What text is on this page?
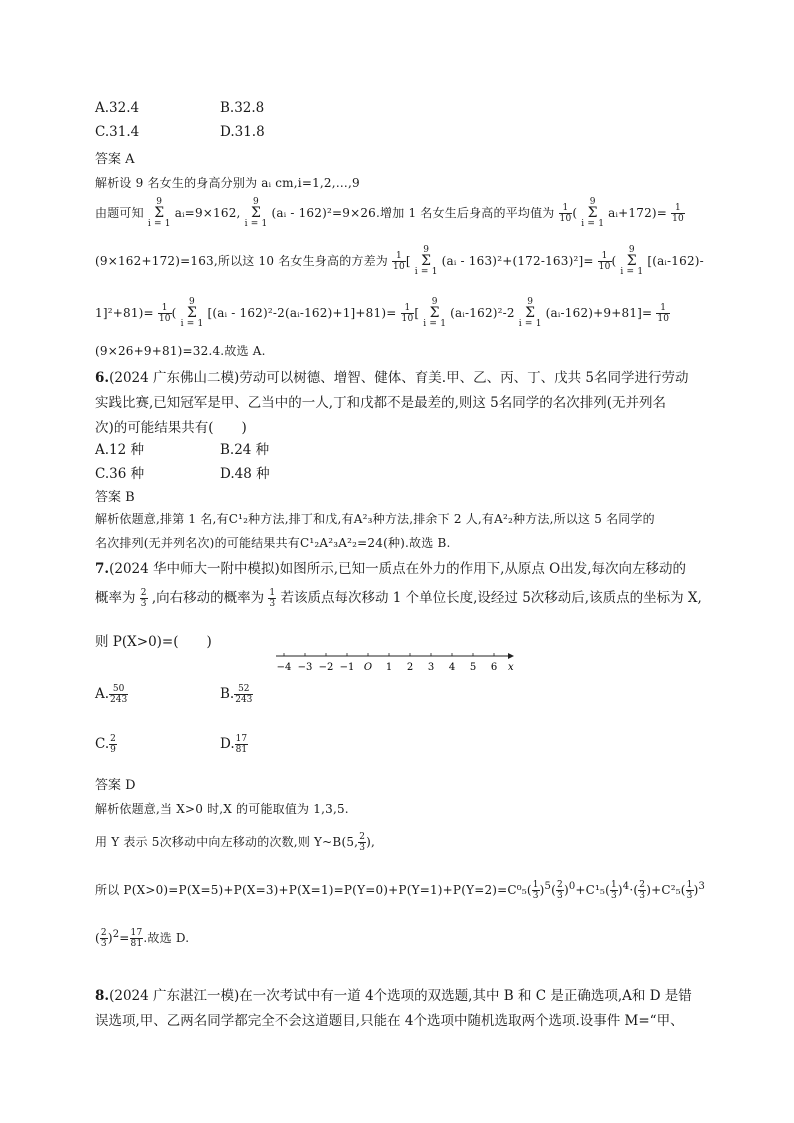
A.32.4	B.32.8
C.31.4	D.31.8
答案 A
解析设 9 名女生的身高分别为 aᵢ cm,i=1,2,…,9
由题可知 9
Σ
i = 1 aᵢ=9×162, 9
Σ
i = 1 (aᵢ - 162)²=9×26.增加 1 名女生后身高的平均值为 $\frac{1}{10}$ ( 9
Σ
i = 1 aᵢ+172)= $\frac{1}{10}$
(9×162+172)=163,所以这 10 名女生身高的方差为 $\frac{1}{10}$ [ 9
Σ
i = 1 (aᵢ - $163)^2+(172-163)^2]= \frac{1}{10}$ ( 9
Σ
i = 1 [(aᵢ-162)-
$1]^2+81)= \frac{1}{10}$ ( 9
Σ
i = 1 [(aᵢ - 162)²-2(aᵢ-162)+1]+81)= $\frac{1}{10}$ [ 9
Σ
i = 1 (aᵢ-162)²-2 9
Σ
i = 1 (aᵢ-162)+9+81]= $\frac{1}{10}$
(9×26+9+81)=32.4.故选 A.
6.(2024 广东佛山二模)劳动可以树德、增智、健体、育美.甲、乙、丙、丁、戊共 5名同学进行劳动
实践比赛,已知冠军是甲、乙当中的一人,丁和戊都不是最差的,则这 5名同学的名次排列(无并列名
次)的可能结果共有( )
A.12 种	B.24 种
C.36 种	D.48 种
答案 B
解析依题意,排第 1 名,有C¹₂种方法,排丁和戊,有A²₃种方法,排余下 2 人,有A²₂种方法,所以这 5 名同学的
名次排列(无并列名次)的可能结果共有C¹₂A²₃A²₂=24(种).故选 B.
7.(2024 华中师大一附中模拟)如图所示,已知一质点在外力的作用下,从原点 O出发,每次向左移动的
概率为 $\frac{2}{3}$ ,向右移动的概率为 $\frac{1}{3}$ 若该质点每次移动 1 个单位长度,设经过 5次移动后,该质点的坐标为 X,
则 P(X>0)=( )
−4 −3 −2 −1 O 1 2 3 4 5 6 x
A. $\frac{50}{243}$	B. $\frac{52}{243}$
C. $\frac{2}{9}$	D. $\frac{17}{81}$
答案 D
解析依题意,当 X>0 时,X 的可能取值为 1,3,5.
用 Y 表示 5次移动中向左移动的次数,则 Y~B(5, $\frac{2}{3}$ ),
所以 $P(X>0)=P(X=5)+P(X=3)+P(X=1)=P(Y=0)+P(Y=1)+P(Y=2)=C^0_5( \frac{1}{3} )^5( \frac{2}{3} )^0+C^1_5( \frac{1}{3} )^4\cdot( \frac{2}{3} )+C^2_5( \frac{1}{3} )^3$
( $\frac{2}{3} )^2= \frac{17}{81}$ .故选 D.
8.(2024 广东湛江一模)在一次考试中有一道 4个选项的双选题,其中 B 和 C 是正确选项,A和 D 是错
误选项,甲、乙两名同学都完全不会这道题目,只能在 4个选项中随机选取两个选项.设事件 M=“甲、
